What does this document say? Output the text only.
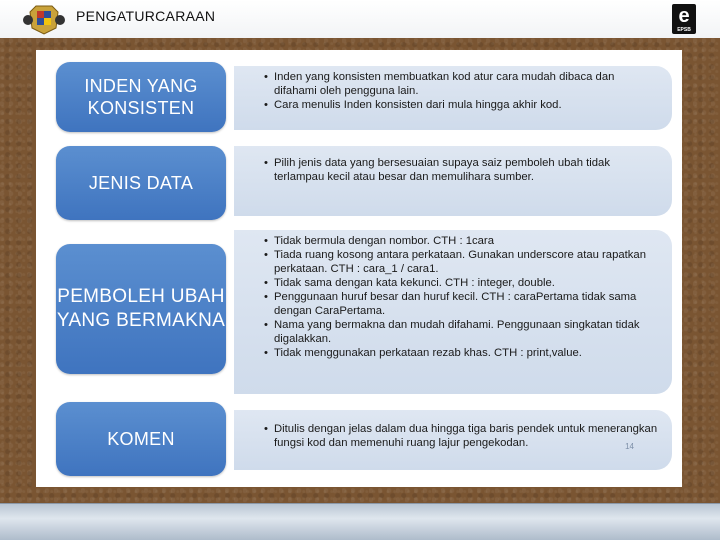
PENGATURCARAAN	e
EPSB
INDEN YANG KONSISTEN
• Inden yang konsisten membuatkan kod atur cara mudah dibaca dan difahami oleh pengguna lain.
• Cara menulis Inden konsisten dari mula hingga akhir kod.
JENIS DATA
• Pilih jenis data yang bersesuaian supaya saiz pemboleh ubah tidak terlampau kecil atau besar dan memulihara sumber.
PEMBOLEH UBAH YANG BERMAKNA
• Tidak bermula dengan nombor. CTH : 1cara
• Tiada ruang kosong antara perkataan. Gunakan underscore atau rapatkan perkataan. CTH : cara_1 / cara1.
• Tidak sama dengan kata kekunci. CTH : integer, double.
• Penggunaan huruf besar dan huruf kecil. CTH : caraPertama tidak sama dengan CaraPertama.
• Nama yang bermakna dan mudah difahami. Penggunaan singkatan tidak digalakkan.
• Tidak menggunakan perkataan rezab khas. CTH : print,value.
KOMEN
•	Ditulis dengan jelas dalam dua hingga tiga baris pendek untuk menerangkan fungsi kod dan memenuhi ruang lajur pengekodan.	14
